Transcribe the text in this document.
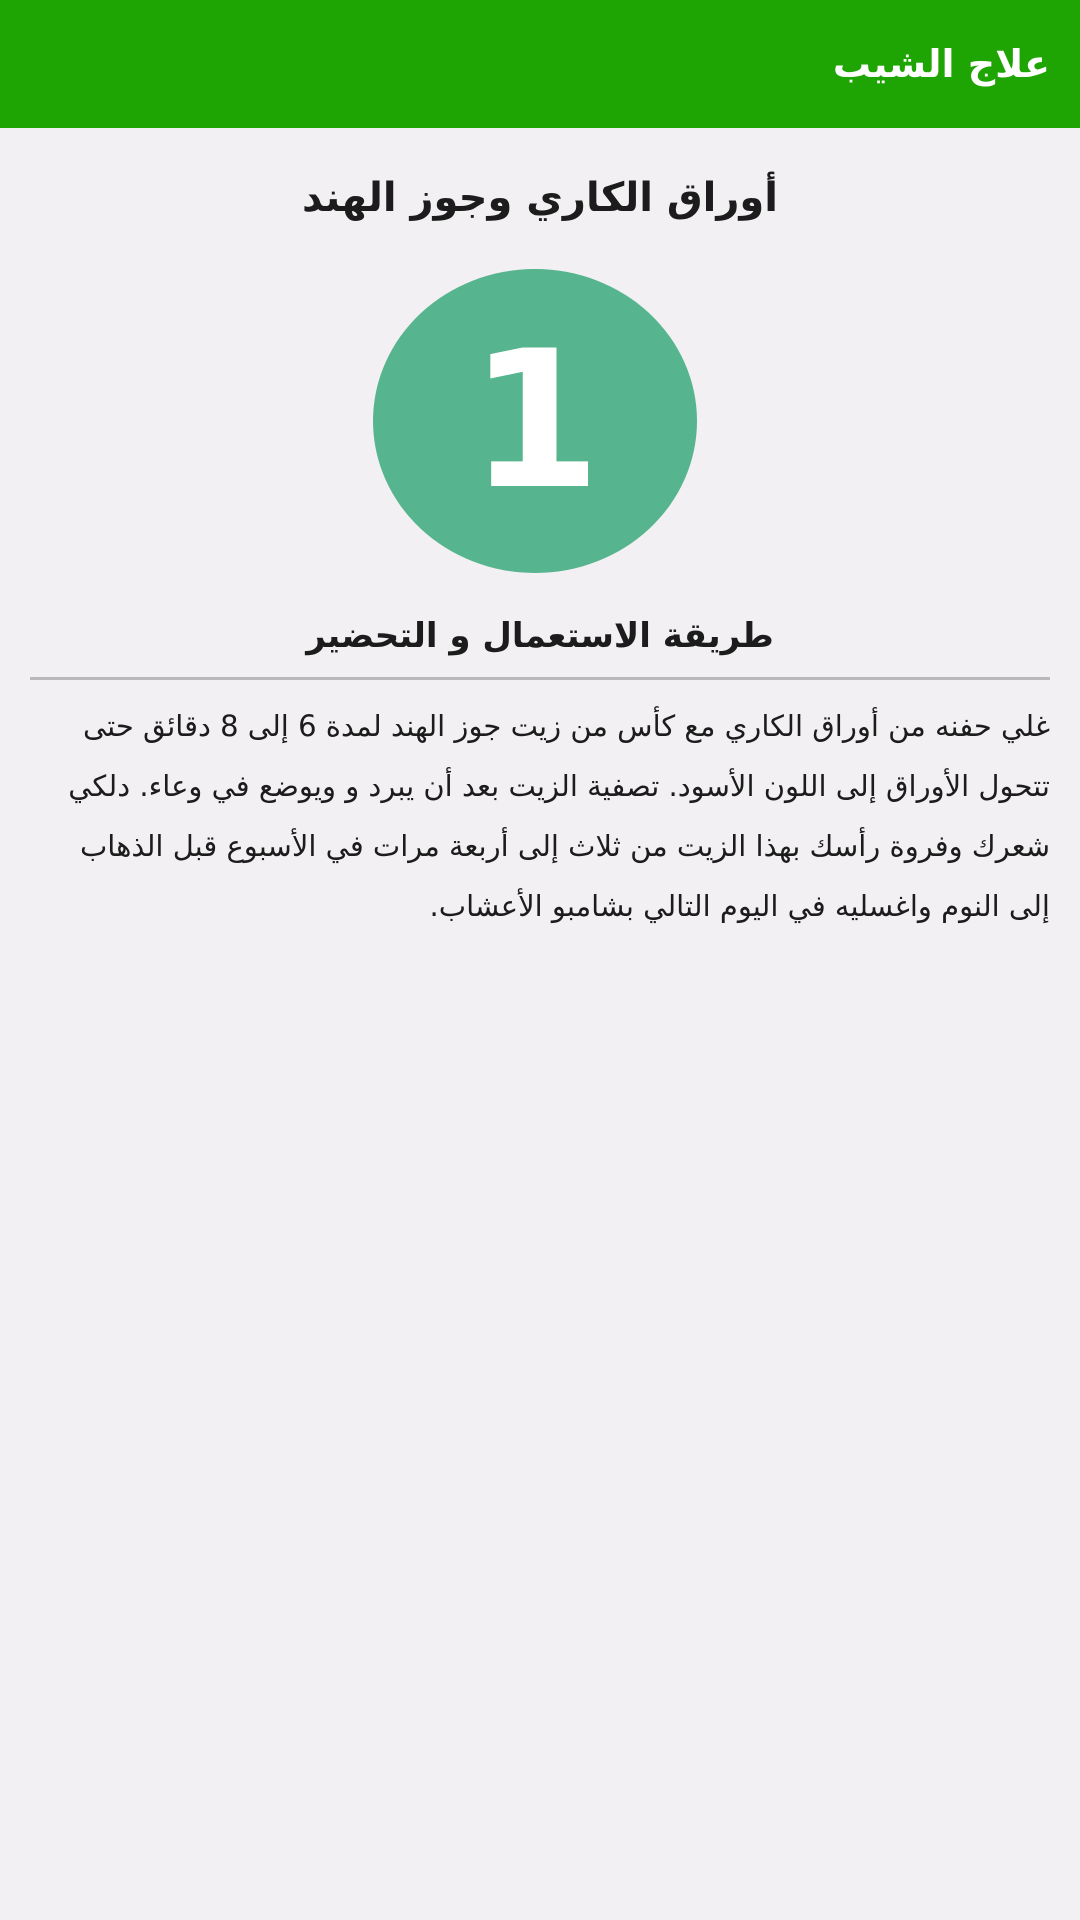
علاج الشيب
أوراق الكاري وجوز الهند
1
طريقة الاستعمال و التحضير

غلي حفنه من أوراق الكاري مع كأس من زيت جوز الهند لمدة 6 إلى 8 دقائق حتى تتحول الأوراق إلى اللون الأسود. تصفية الزيت بعد أن يبرد و ويوضع في وعاء. دلكي شعرك وفروة رأسك بهذا الزيت من ثلاث إلى أربعة مرات في الأسبوع قبل الذهاب إلى النوم واغسليه في اليوم التالي بشامبو الأعشاب.
